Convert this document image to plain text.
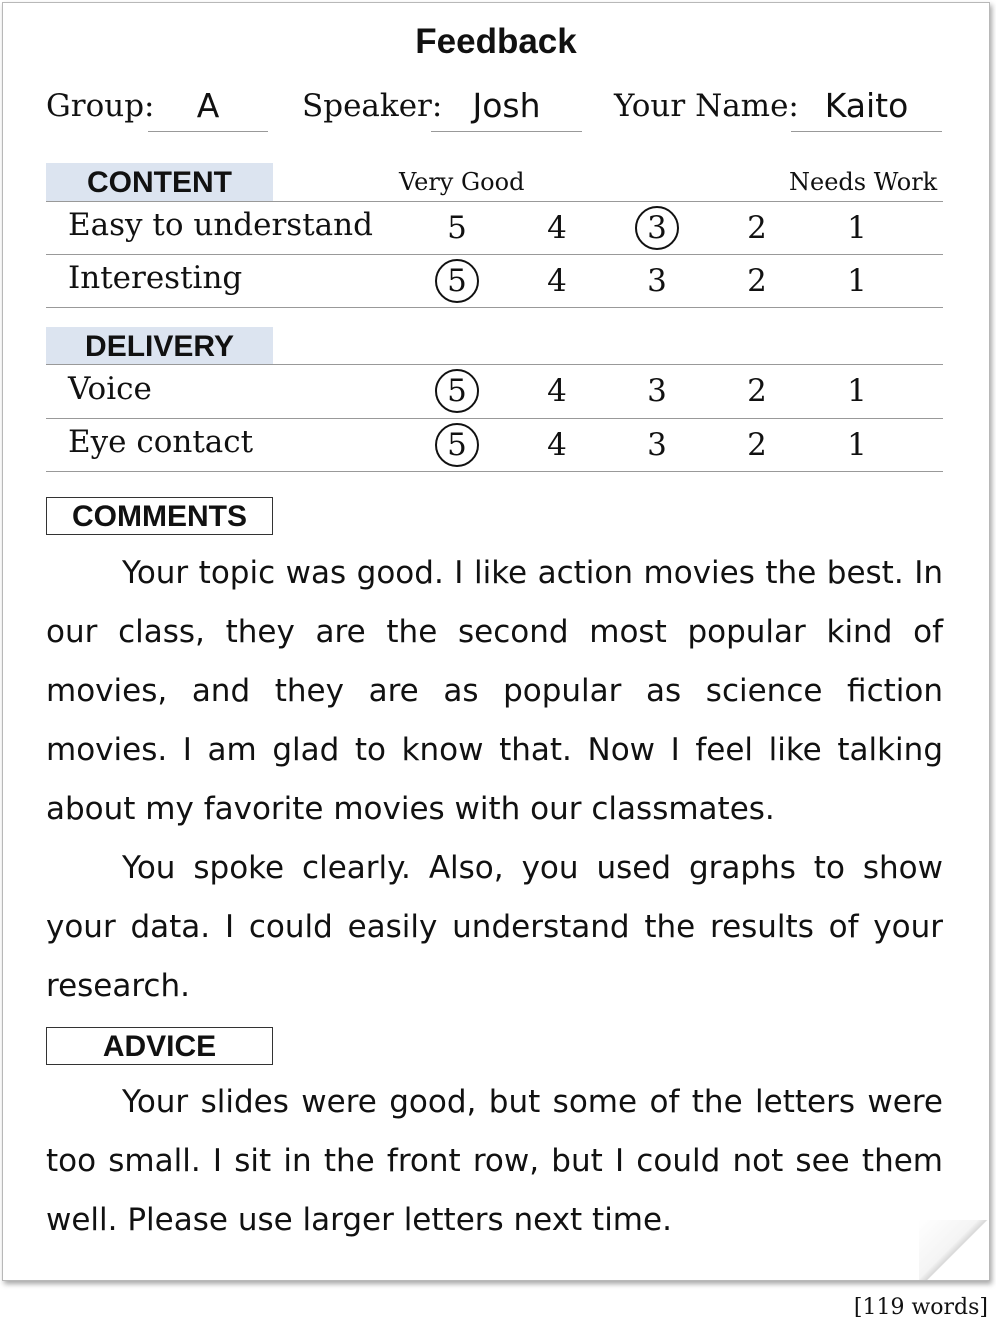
Feedback
Group:	A	Speaker: Josh	Your Name: Kaito
CONTENT	Very Good	Needs Work
Easy to understand	5	4	3	2	1
Interesting	5	4	3	2	1
DELIVERY
Voice	5	4	3	2	1
Eye contact	5	4	3	2	1
COMMENTS

Your topic was good. I like action movies the best. In our class, they are the second most popular kind of movies, and they are as popular as science fiction movies. I am glad to know that. Now I feel like talking about my favorite movies with our classmates.

You spoke clearly. Also, you used graphs to show your data. I could easily understand the results of your research.

ADVICE

Your slides were good, but some of the letters were too small. I sit in the front row, but I could not see them well. Please use larger letters next time.

[119 words]
